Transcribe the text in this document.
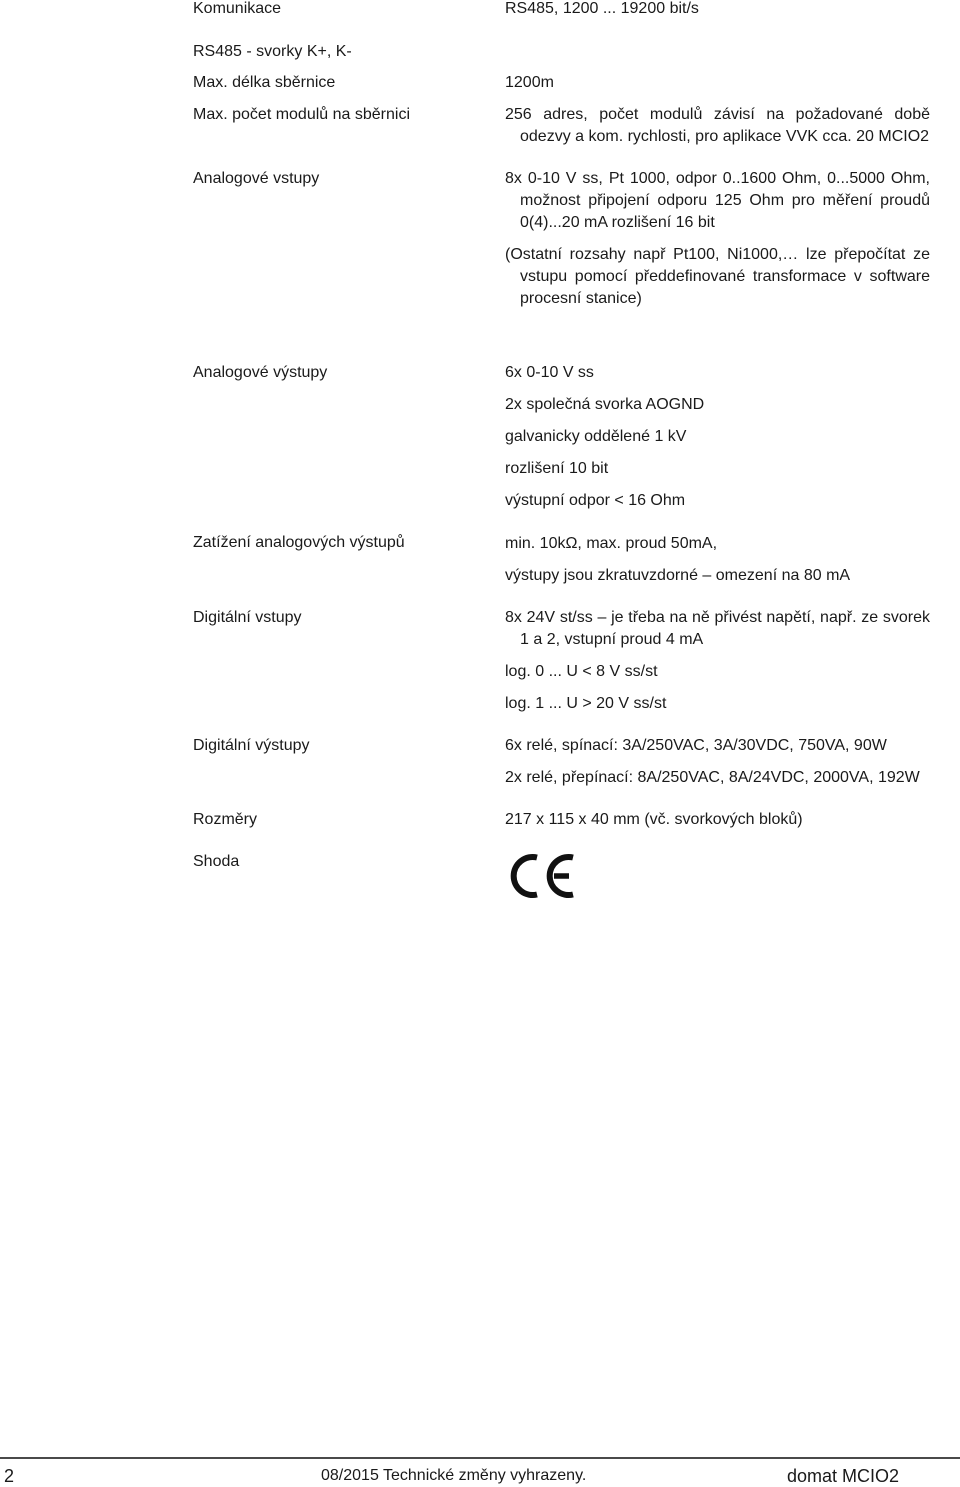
Komunikace	RS485, 1200 ... 19200 bit/s
RS485 - svorky K+, K-
Max. délka sběrnice	1200m
Max. počet modulů na sběrnici	256 adres, počet modulů závisí na požadované době
odezvy a kom. rychlosti, pro aplikace VVK cca. 20 MCIO2
Analogové vstupy	8x 0-10 V ss, Pt 1000, odpor 0..1600 Ohm, 0...5000 Ohm,
možnost připojení odporu 125 Ohm pro měření proudů
0(4)...20 mA rozlišení 16 bit
(Ostatní rozsahy např Pt100, Ni1000,… lze přepočítat ze
vstupu pomocí předdefinované transformace v software
procesní stanice)
Analogové výstupy	6x 0-10 V ss
2x společná svorka AOGND
galvanicky oddělené 1 kV
rozlišení 10 bit
výstupní odpor < 16 Ohm
Zatížení analogových výstupů	min. 10kΩ, max. proud 50mA,
výstupy jsou zkratuvzdorné – omezení na 80 mA
Digitální vstupy	8x 24V st/ss – je třeba na ně přivést napětí, např. ze svorek
1 a 2, vstupní proud 4 mA
log. 0 ... U < 8 V ss/st
log. 1 ... U > 20 V ss/st
Digitální výstupy	6x relé, spínací: 3A/250VAC, 3A/30VDC, 750VA, 90W
2x relé, přepínací: 8A/250VAC, 8A/24VDC, 2000VA, 192W
Rozměry	217 x 115 x 40 mm (vč. svorkových bloků)
Shoda
2	08/2015 Technické změny vyhrazeny.	domat MCIO2
